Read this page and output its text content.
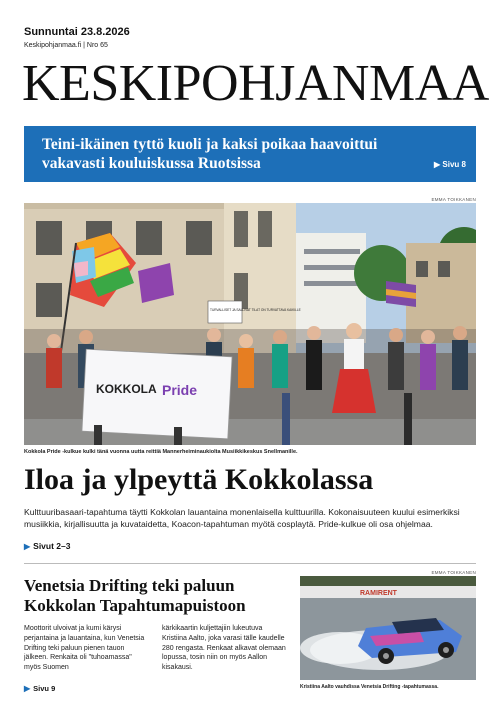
Sunnuntai 23.8.2026
Keskipohjanmaa.fi | Nro 65
KESKIPOHJANMAA
Teini-ikäinen tyttö kuoli ja kaksi poikaa haavoittui vakavasti kouluiskussa Ruotsissa	▶ Sivu 8
EMMA TOIKKANEN
TURVALLISET JA SALLIVAT TILAT ON TURVATTAVA KAIKILLE
KOKKOLA Pride
Kokkola Pride -kulkue kulki tänä vuonna uutta reittiä Mannerheiminaukiolta Musiikkikeskus Snellmanille.
Iloa ja ylpeyttä Kokkolassa
Kulttuuribasaari-tapahtuma täytti Kokkolan lauantaina monenlaisella kulttuurilla. Kokonaisuuteen kuului esimerkiksi musiikkia, kirjallisuutta ja kuvataidetta, Koacon-tapahtuman myötä cosplaytä. Pride-kulkue oli osa ohjelmaa.
▶ Sivut 2–3
Venetsia Drifting teki paluun Kokkolan Tapahtumapuistoon
Moottorit ulvoivat ja kumi kärysi perjantaina ja lauantaina, kun Venetsia Drifting teki paluun pienen tauon jälkeen. Renkaita oli "tuhoamassa" myös Suomen
kärkikaartin kuljettajiin lukeutuva Kristiina Aalto, joka varasi tälle kaudelle 280 rengasta. Renkaat alkavat olemaan lopussa, tosin niin on myös Aallon kisakausi.
▶ Sivu 9
EMMA TOIKKANEN
RAMIRENT
Kristiina Aalto vauhdissa Venetsia Drifting -tapahtumassa.
